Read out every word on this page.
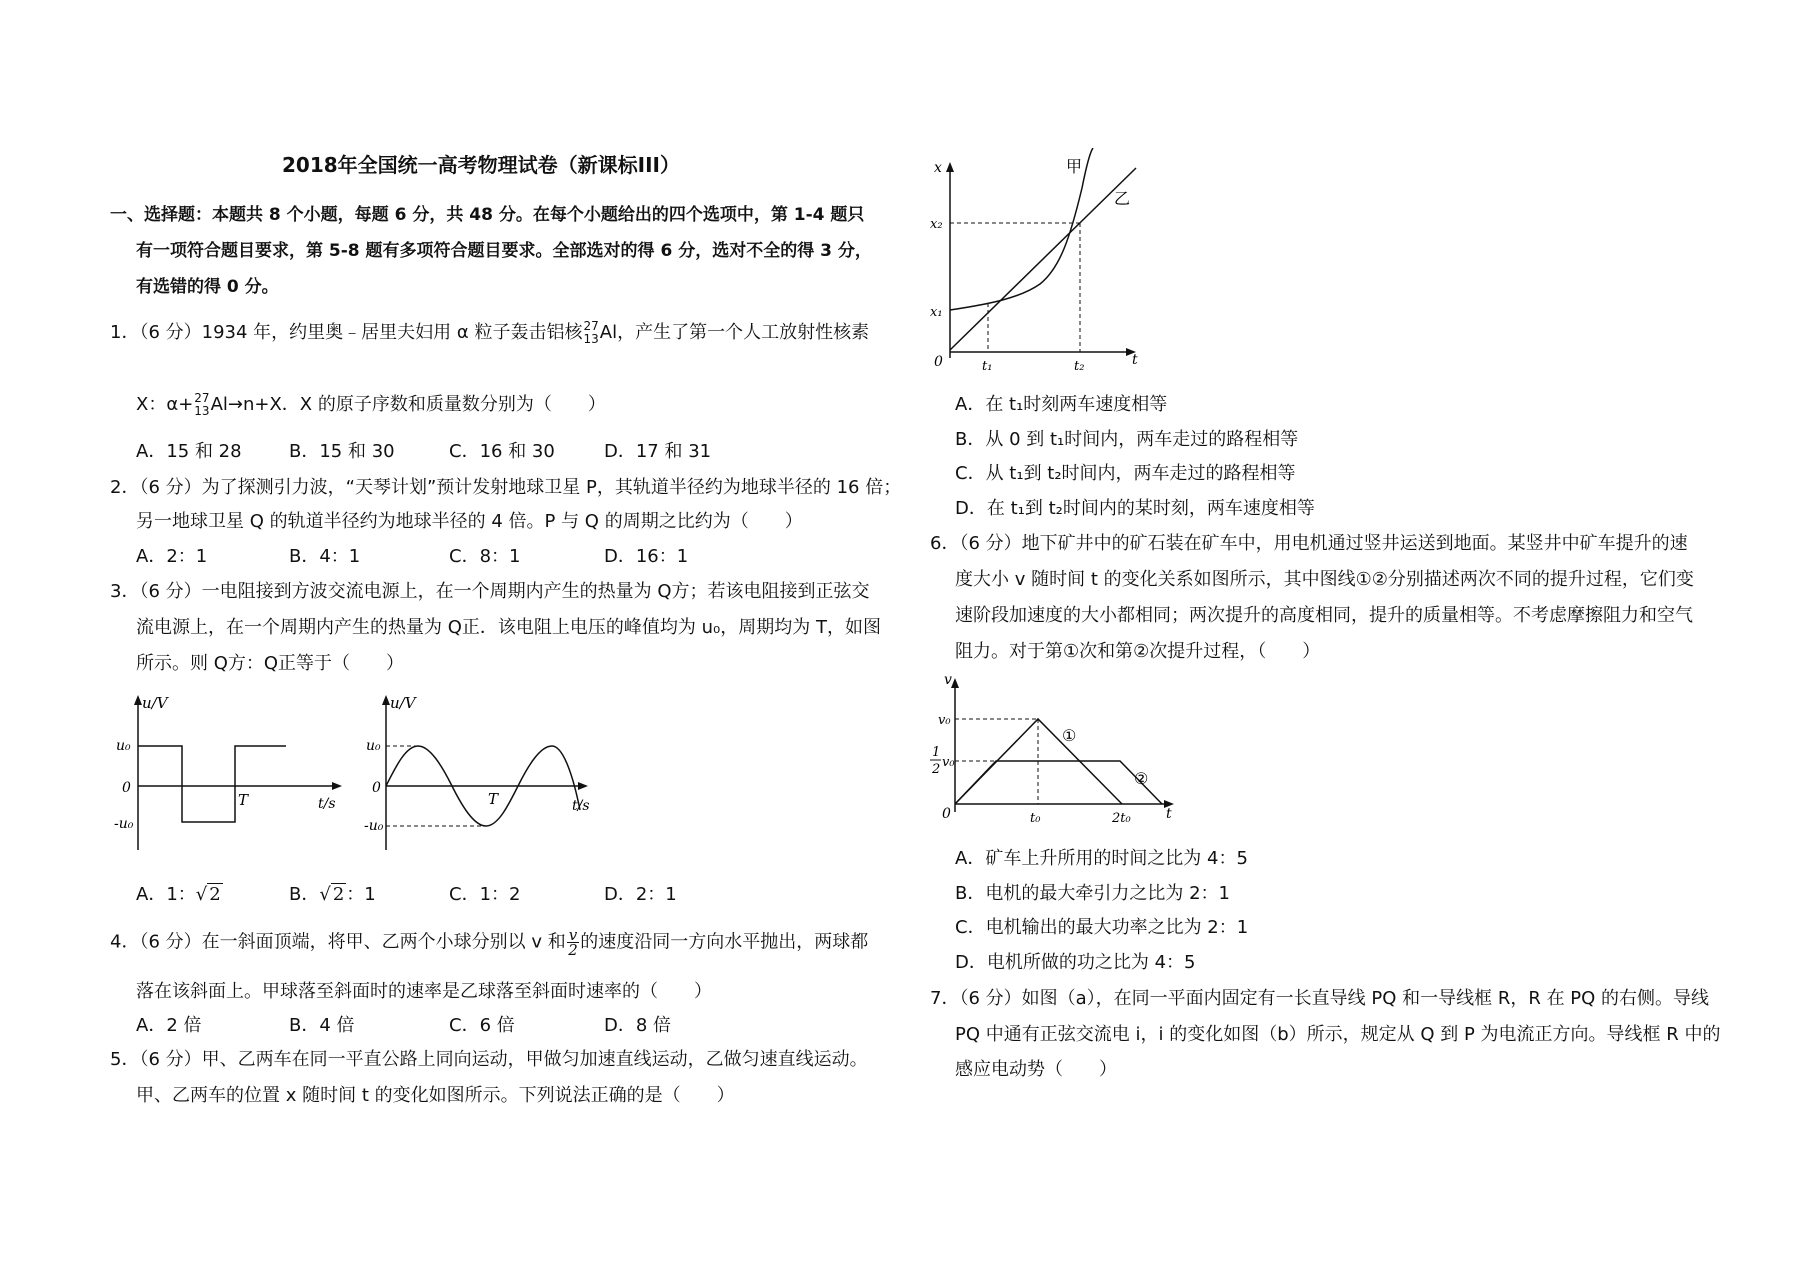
2018年全国统一高考物理试卷（新课标III）
一、选择题：本题共 8 个小题，每题 6 分，共 48 分。在每个小题给出的四个选项中，第 1-4 题只
有一项符合题目要求，第 5-8 题有多项符合题目要求。全部选对的得 6 分，选对不全的得 3 分，
有选错的得 0 分。
1．（6 分）1934 年，约里奥﹣居里夫妇用 α 粒子轰击铝核 27
13 Al，产生了第一个人工放射性核素
X：α+ 27
13 Al→n+X．X 的原子序数和质量数分别为（　　）
A．15 和 28	B．15 和 30	C．16 和 30	D．17 和 31
2．（6 分）为了探测引力波，“天琴计划”预计发射地球卫星 P，其轨道半径约为地球半径的 16 倍；
另一地球卫星 Q 的轨道半径约为地球半径的 4 倍。P 与 Q 的周期之比约为（　　）
A．2：1	B．4：1	C．8：1	D．16：1
3．（6 分）一电阻接到方波交流电源上，在一个周期内产生的热量为 Q方；若该电阻接到正弦交
流电源上，在一个周期内产生的热量为 Q正．该电阻上电压的峰值均为 u₀，周期均为 T，如图
所示。则 Q方：Q正等于（　　）
u/V
u₀
0
-u₀
T	t/s
u/V
u₀
0
-u₀
T	t/s
A．1：√ 2	B．√ 2 ：1	C．1：2	D．2：1
4．（6 分）在一斜面顶端，将甲、乙两个小球分别以 v 和 $\frac{v}{2}$ 的速度沿同一方向水平抛出，两球都
落在该斜面上。甲球落至斜面时的速率是乙球落至斜面时速率的（　　）
A．2 倍	B．4 倍	C．6 倍	D．8 倍
5．（6 分）甲、乙两车在同一平直公路上同向运动，甲做匀加速直线运动，乙做匀速直线运动。
甲、乙两车的位置 x 随时间 t 的变化如图所示。下列说法正确的是（　　）
x
x₂
x₁
0	t₁	t₂	t
甲
乙
A．在 t₁时刻两车速度相等
B．从 0 到 t₁时间内，两车走过的路程相等
C．从 t₁到 t₂时间内，两车走过的路程相等
D．在 t₁到 t₂时间内的某时刻，两车速度相等
6．（6 分）地下矿井中的矿石装在矿车中，用电机通过竖井运送到地面。某竖井中矿车提升的速
度大小 v 随时间 t 的变化关系如图所示，其中图线①②分别描述两次不同的提升过程，它们变
速阶段加速度的大小都相同；两次提升的高度相同，提升的质量相等。不考虑摩擦阻力和空气
阻力。对于第①次和第②次提升过程，（　　）
v
v₀
1
2 v₀
0	t₀	2t₀	t
①
②
A．矿车上升所用的时间之比为 4：5
B．电机的最大牵引力之比为 2：1
C．电机输出的最大功率之比为 2：1
D．电机所做的功之比为 4：5
7．（6 分）如图（a），在同一平面内固定有一长直导线 PQ 和一导线框 R，R 在 PQ 的右侧。导线
PQ 中通有正弦交流电 i，i 的变化如图（b）所示，规定从 Q 到 P 为电流正方向。导线框 R 中的
感应电动势（　　）
